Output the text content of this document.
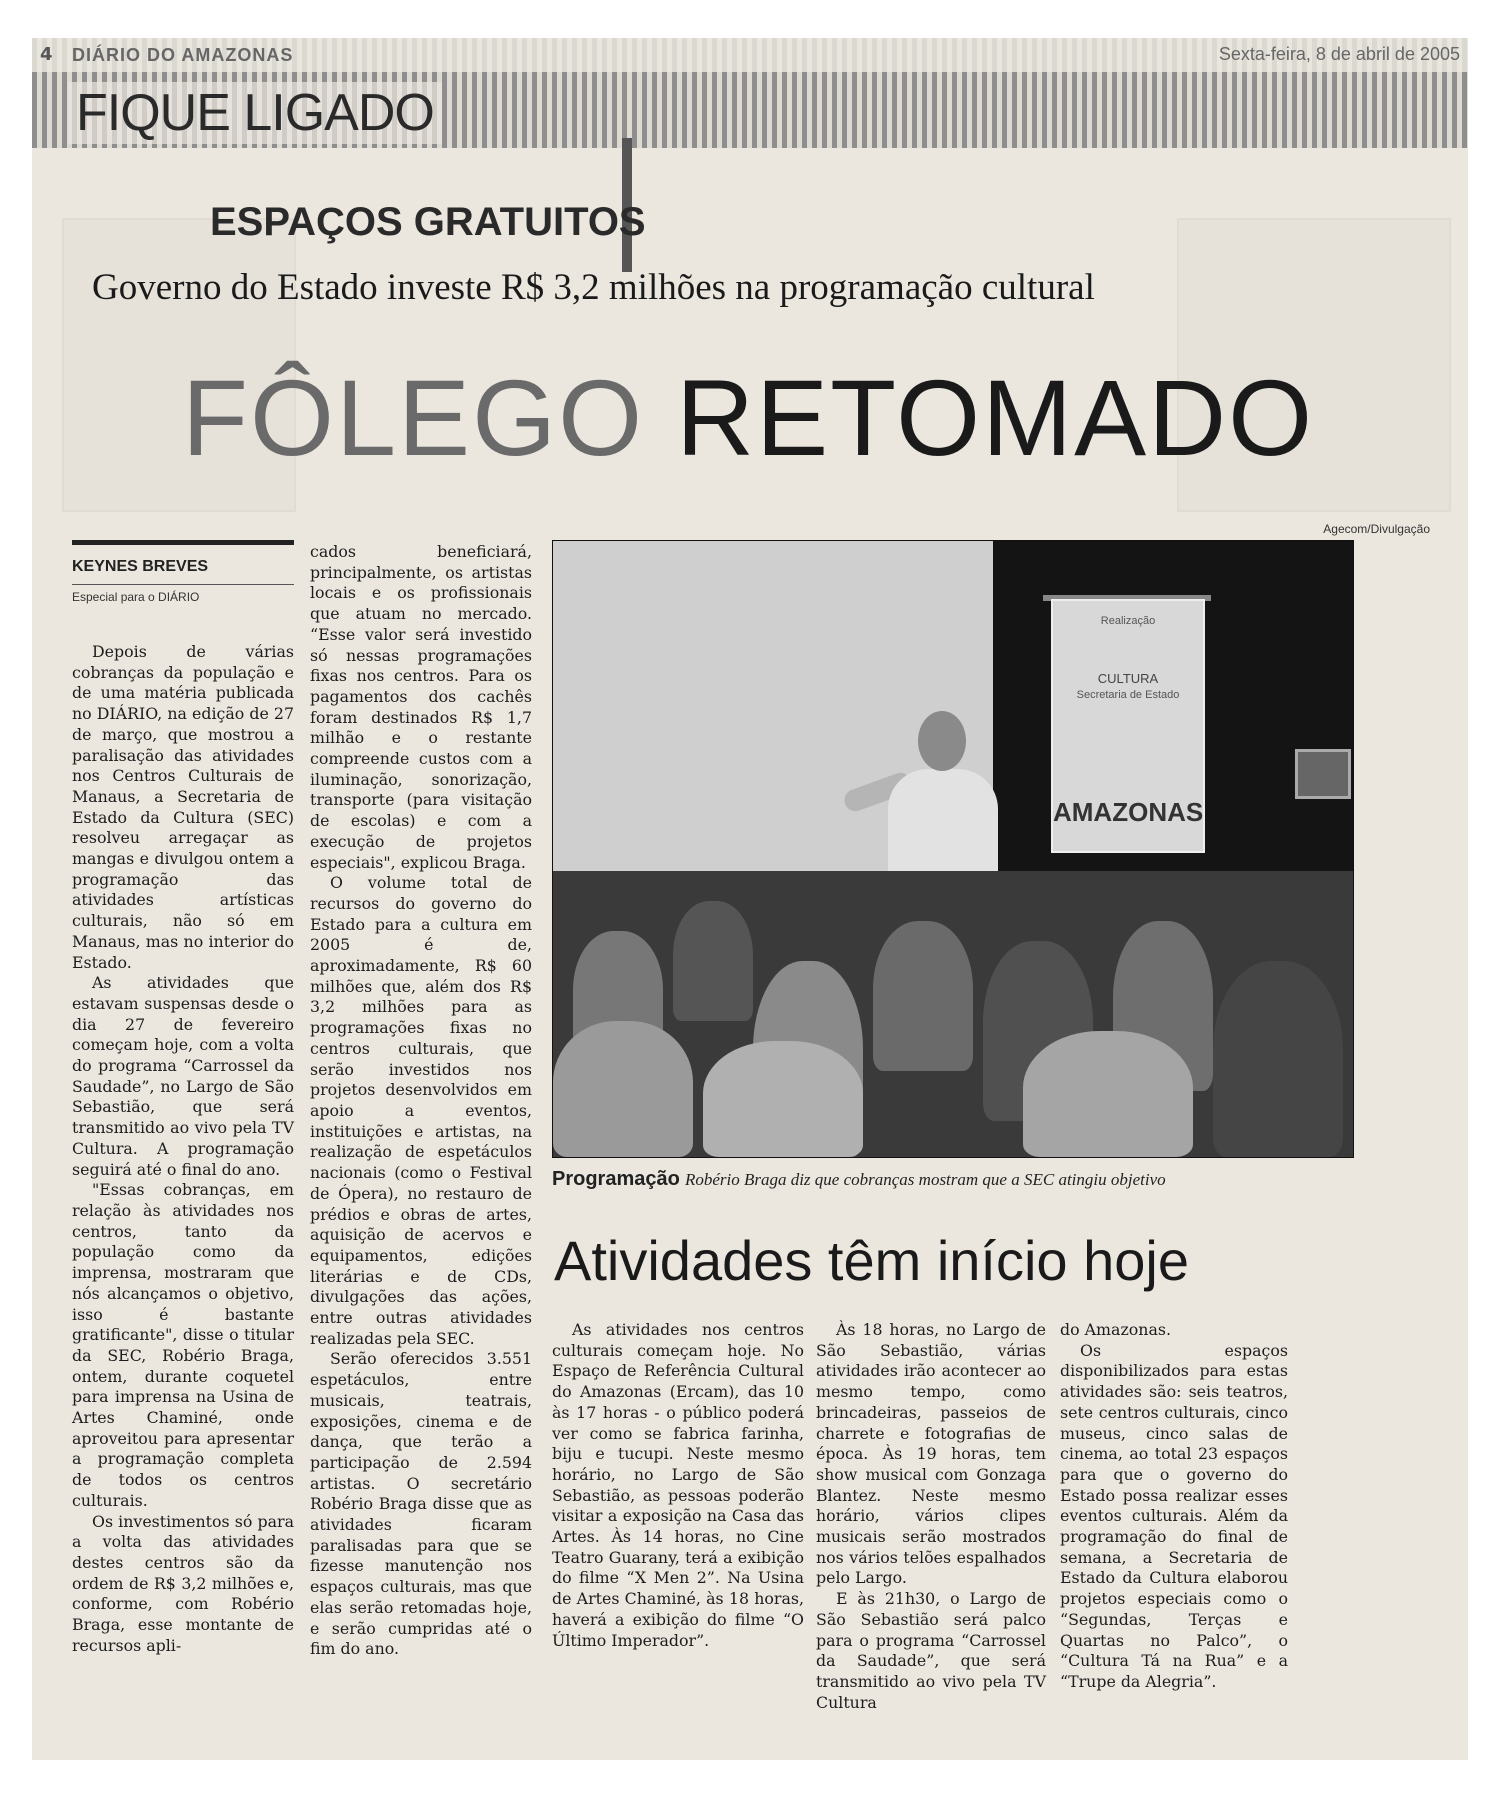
4 DIÁRIO DO AMAZONAS	Sexta-feira, 8 de abril de 2005
FIQUE LIGADO
ESPAÇOS GRATUITOS
Governo do Estado investe R$ 3,2 milhões na programação cultural
FÔLEGO RETOMADO
KEYNES BREVES
Especial para o DIÁRIO

Depois de várias cobranças da população e de uma matéria publicada no DIÁRIO, na edição de 27 de março, que mostrou a paralisação das atividades nos Centros Culturais de Manaus, a Secretaria de Estado da Cultura (SEC) resolveu arregaçar as mangas e divulgou ontem a programação das atividades artísticas culturais, não só em Manaus, mas no interior do Estado.

As atividades que estavam suspensas desde o dia 27 de fevereiro começam hoje, com a volta do programa “Carrossel da Saudade”, no Largo de São Sebastião, que será transmitido ao vivo pela TV Cultura. A programação seguirá até o final do ano.

"Essas cobranças, em relação às atividades nos centros, tanto da população como da imprensa, mostraram que nós alcançamos o objetivo, isso é bastante gratificante", disse o titular da SEC, Robério Braga, ontem, durante coquetel para imprensa na Usina de Artes Chaminé, onde aproveitou para apresentar a programação completa de todos os centros culturais.

Os investimentos só para a volta das atividades destes centros são da ordem de R$ 3,2 milhões e, conforme, com Robério Braga, esse montante de recursos apli-

cados beneficiará, principalmente, os artistas locais e os profissionais que atuam no mercado. “Esse valor será investido só nessas programações fixas nos centros. Para os pagamentos dos cachês foram destinados R$ 1,7 milhão e o restante compreende custos com a iluminação, sonorização, transporte (para visitação de escolas) e com a execução de projetos especiais", explicou Braga.

O volume total de recursos do governo do Estado para a cultura em 2005 é de, aproximadamente, R$ 60 milhões que, além dos R$ 3,2 milhões para as programações fixas no centros culturais, que serão investidos nos projetos desenvolvidos em apoio a eventos, instituições e artistas, na realização de espetáculos nacionais (como o Festival de Ópera), no restauro de prédios e obras de artes, aquisição de acervos e equipamentos, edições literárias e de CDs, divulgações das ações, entre outras atividades realizadas pela SEC.

Serão oferecidos 3.551 espetáculos, entre musicais, teatrais, exposições, cinema e de dança, que terão a participação de 2.594 artistas. O secretário Robério Braga disse que as atividades ficaram paralisadas para que se fizesse manutenção nos espaços culturais, mas que elas serão retomadas hoje, e serão cumpridas até o fim do ano.

Agecom/Divulgação
Realização
CULTURA
Secretaria de Estado
AMAZONAS
Programação Robério Braga diz que cobranças mostram que a SEC atingiu objetivo
Atividades têm início hoje

As atividades nos centros culturais começam hoje. No Espaço de Referência Cultural do Amazonas (Ercam), das 10 às 17 horas - o público poderá ver como se fabrica farinha, biju e tucupi. Neste mesmo horário, no Largo de São Sebastião, as pessoas poderão visitar a exposição na Casa das Artes. Às 14 horas, no Cine Teatro Guarany, terá a exibição do filme “X Men 2”. Na Usina de Artes Chaminé, às 18 horas, haverá a exibição do filme “O Último Imperador”.

Às 18 horas, no Largo de São Sebastião, várias atividades irão acontecer ao mesmo tempo, como brincadeiras, passeios de charrete e fotografias de época. Às 19 horas, tem show musical com Gonzaga Blantez. Neste mesmo horário, vários clipes musicais serão mostrados nos vários telões espalhados pelo Largo.

E às 21h30, o Largo de São Sebastião será palco para o programa “Carrossel da Saudade”, que será transmitido ao vivo pela TV Cultura

do Amazonas.

Os espaços disponibilizados para estas atividades são: seis teatros, sete centros culturais, cinco museus, cinco salas de cinema, ao total 23 espaços para que o governo do Estado possa realizar esses eventos culturais. Além da programação do final de semana, a Secretaria de Estado da Cultura elaborou projetos especiais como o “Segundas, Terças e Quartas no Palco”, o “Cultura Tá na Rua” e a “Trupe da Alegria”.
